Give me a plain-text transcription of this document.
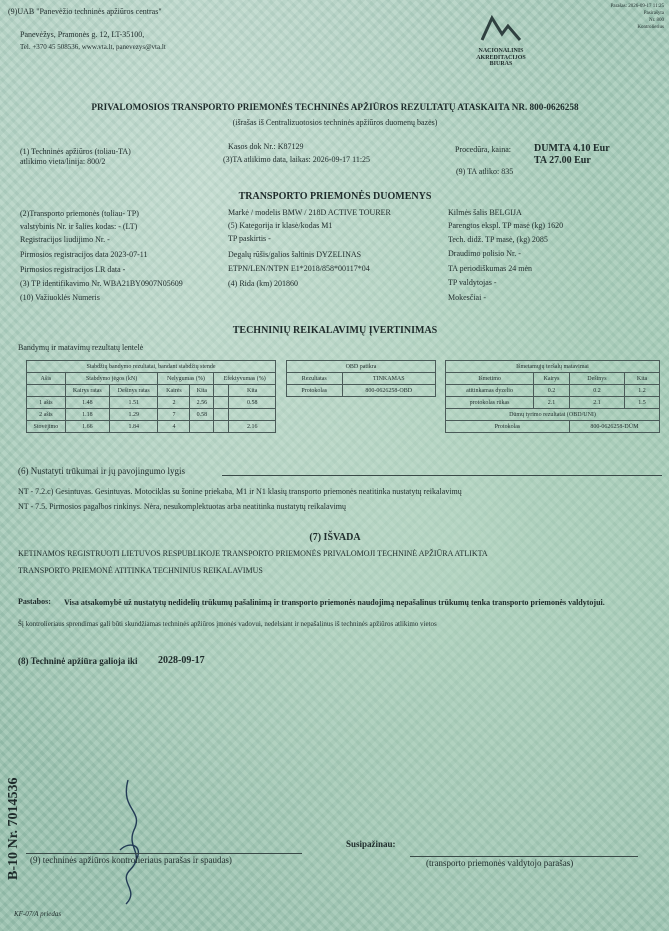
(9)UAB "Panevėžio techninės apžiūros centras"
Panevėžys, Pramonės g. 12, LT-35100,
Tel. +370 45 508536, www.vta.lt, panevezys@vta.lt	NACIONALINIS AKREDITACIJOS BIURAS
Parašas: 2026-09-17 11:25
Pasirašyta
Nr. 800
Kontrolierius
PRIVALOMOSIOS TRANSPORTO PRIEMONĖS TECHNINĖS APŽIŪROS REZULTATŲ ATASKAITA NR. 800-0626258
(išrašas iš Centralizuotosios techninės apžiūros duomenų bazės)
(1) Techninės apžiūros (toliau-TA)
atlikimo vieta/linija: 800/2
Kasos dok Nr.: K87129
(3)TA atlikimo data, laikas: 2026-09-17 11:25
Procedūra, kaina: DUMTA 4.10 Eur
TA 27.00 Eur
(9) TA atliko: 835
TRANSPORTO PRIEMONĖS DUOMENYS
(2)Transporto priemonės (toliau- TP)
valstybinis Nr. ir šalies kodas: - (LT)
Registracijos liudijimo Nr. -
Pirmosios registracijos data 2023-07-11
Pirmosios registracijos LR data -
(3) TP identifikavimo Nr. WBA21BY0907N05609
(10) Važiuoklės Numeris
Markė / modelis BMW / 218D ACTIVE TOURER
(5) Kategorija ir klasė/kodas M1
TP paskirtis -
Degalų rūšis/galios šaltinis DYZELINAS
ETPN/LEN/NTPN E1*2018/858*00117*04
(4) Rida (km) 201860
Kilmės šalis BELGIJA
Parengtos ekspl. TP masė (kg) 1620
Tech. didž. TP masė, (kg) 2085
Draudimo polisio Nr. -
TA periodiškumas 24 mėn
TP valdytojas -
Mokesčiai -
TECHNINIŲ REIKALAVIMŲ ĮVERTINIMAS
Bandymų ir matavimų rezultatų lentelė
Stabdžių bandymo rezultatai, bandant stabdžių stende						
Ašis	Stabdymo jėgos (kN)		Nelygumas (%)		Efektyvumas (%)	
	Kairys ratas	Dešinys ratas	Kairės	Kita		Kita
1 ašis	1.48	1.51	2	2.56		0.58
2 ašis	1.18	1.29	7	0.58		
Stovėjimo	1.66	1.84	4			2.16
OBD patikra	
Rezultatas	TINKAMAS
Protokolas	800-0626258-OBD
Išmetamųjų teršalų matavimai			
Išmetimo	Kairys	Dešinys	Kita
atitinkamas dyzelio	0.2	0.2	1.2
protokolas rūkas	2.1	2.1	1.5
Dūmų tyrimo rezultatai (OBD/UNI)			
Protokolas		800-0626258-DŪM	
(6) Nustatyti trūkumai ir jų pavojingumo lygis
NT - 7.2.c) Gesintuvas. Gesintuvas. Motociklas su šonine priekaba, M1 ir N1 klasių transporto priemonės neatitinka nustatytų reikalavimų
NT - 7.5. Pirmosios pagalbos rinkinys. Nėra, nesukomplektuotas arba neatitinka nustatytų reikalavimų
(7) IŠVADA
KETINAMOS REGISTRUOTI LIETUVOS RESPUBLIKOJE TRANSPORTO PRIEMONĖS PRIVALOMOJI TECHNINĖ APŽIŪRA ATLIKTA
TRANSPORTO PRIEMONĖ ATITINKA TECHNINIUS REIKALAVIMUS
Pastabos: Visa atsakomybė už nustatytų nedidelių trūkumų pašalinimą ir transporto priemonės naudojimą nepašalinus trūkumų tenka transporto priemonės valdytojui.
Šį kontrolieriaus sprendimas gali būti skundžiamas techninės apžiūros įmonės vadovui, nedelsiant ir nepašalinus iš techninės apžiūros atlikimo vietos
(8) Techninė apžiūra galioja iki 2028-09-17
B-10 Nr. 7014536	Susipažinau:
(9) techninės apžiūros kontrolieriaus parašas ir spaudas)	(transporto priemonės valdytojo parašas)
KF-07/A priedas
